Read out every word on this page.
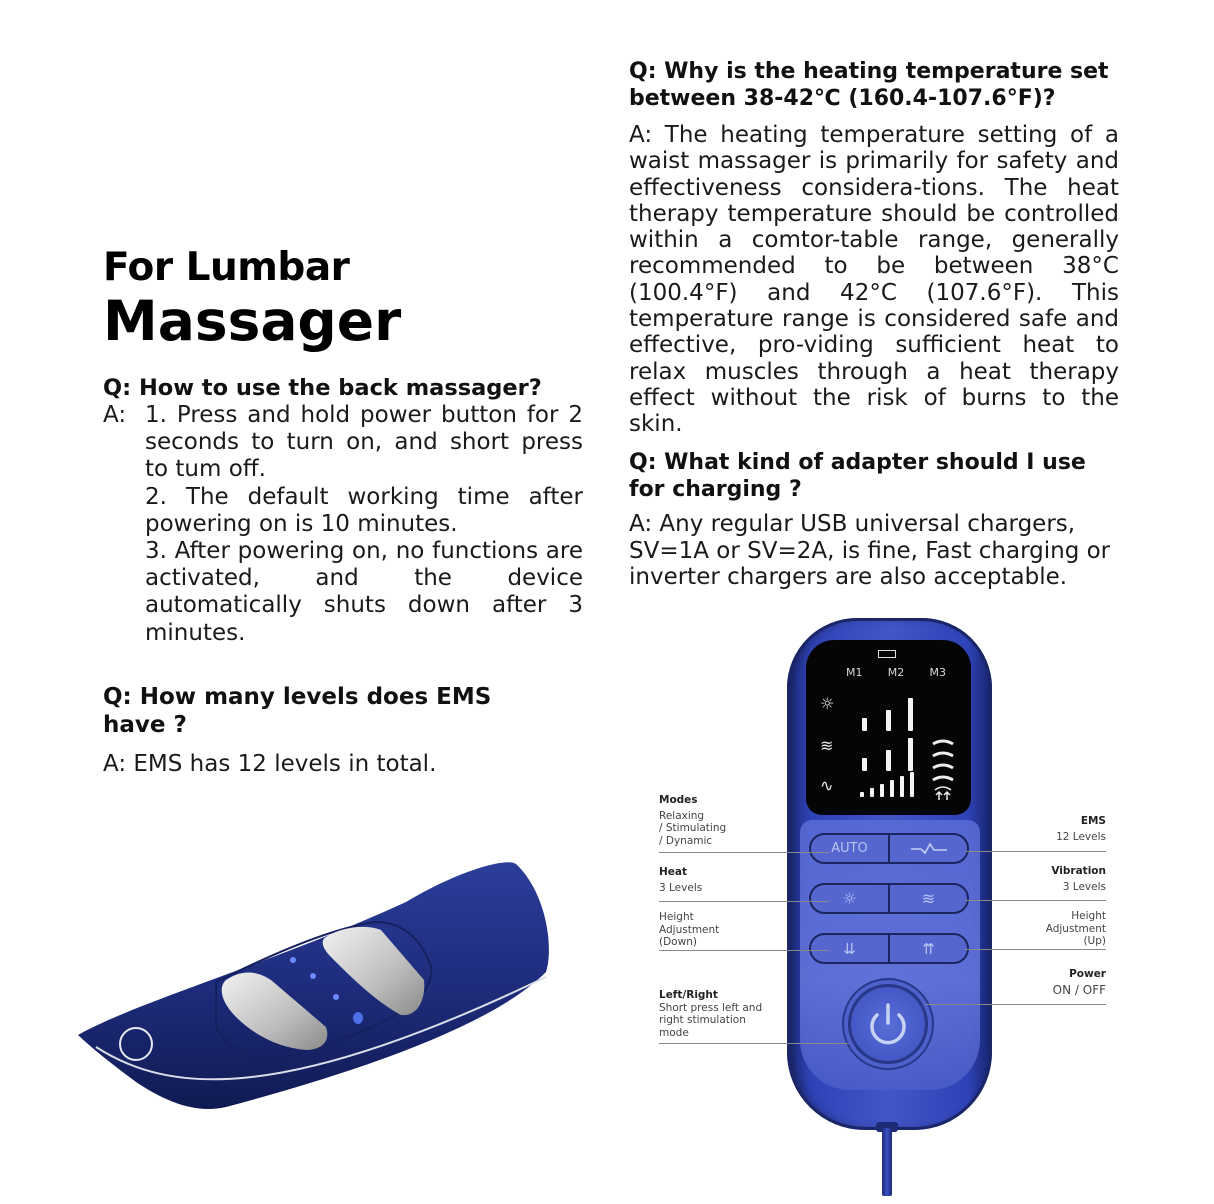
For Lumbar
Massager
Q: How to use the back massager?
A: 1. Press and hold power button for 2 seconds to turn on, and short press to tum off.

2. The default working time after powering on is 10 minutes.

3. After powering on, no functions are activated, and the device automatically shuts down after 3 minutes.

Q: How many levels does EMS have ?
A: EMS has 12 levels in total.
Q: Why is the heating temperature set between 38-42℃ (160.4-107.6°F)?
A: The heating temperature setting of a waist massager is primarily for safety and effectiveness considera-tions. The heat therapy temperature should be controlled within a comtor-table range, generally recommended to be between 38°C (100.4°F) and 42°C (107.6°F). This temperature range is considered safe and effective, pro-viding sufficient heat to relax muscles through a heat therapy effect without the risk of burns to the skin.
Q: What kind of adapter should I use for charging ?
A: Any regular USB universal chargers, SV=1A or SV=2A, is fine, Fast charging or inverter chargers are also acceptable.
M1 M2 M3
☼
≋
∿
AUTO
☼	≋
⇊	⇈
Modes
Relaxing
/ Stimulating
/ Dynamic
Heat
3 Levels
Height
Adjustment
(Down)
Left/Right
Short press left and
right stimulation
mode
EMS
12 Levels
Vibration
3 Levels
Height
Adjustment
(Up)
Power
ON / OFF
